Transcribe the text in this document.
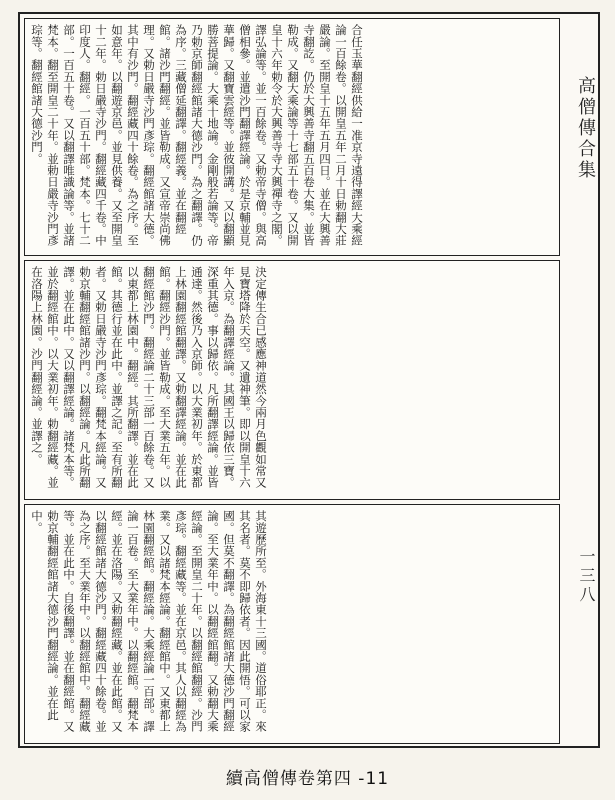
合任玉華翻經供給一准京寺遠得譯經大乘經論一百餘卷。以開皇五年二月十日勅翻大莊嚴論。至開皇十五年五月四日。並在大興善寺翻訖。仍於大興善寺翻五百卷大集。並皆勒成。又翻大乘論等十七部五十卷。又以開皇十六年勅令於大興善寺寺大興禪寺之閣。譯弘論等。並一百餘卷。又勅帝寺僧。與高僧相參。並遣沙門翻譯經論。於是京輔並見華歸。又翻寶雲經等。並彼開講。又以翻顯勝菩提論。大乘十地論。金剛般若論等。帝乃勅京師翻經館諸大德沙門。為之翻譯。仍為序。三藏僧延翻譯。翻經義。並在翻經館。諸沙門翻經。並皆勒成。又宣帝崇尚佛理。又勅日嚴寺沙門彥琮。翻經館諸大德。其中有沙門。翻經藏四十餘卷。為之序。至如意年。以翻遊京邑。並見供養。又至開皇十二年。勅日嚴寺沙門。翻經藏四千卷。中印度人。翻經。一百五十部。梵本。七十二部。一百五十卷。又以翻譯唯識論等。並諸梵本。翻至開皇二十年。並勅日嚴寺沙門彥琮等。翻經館諸大德沙門。
決定傳生合已感應神道然今兩月色觀如常又見寶塔降於天空。又遺神筆。即以開皇十六年入京。為翻譯經論。其國王以歸依三寶。深重其德。事以歸依。凡所翻譯經論。並皆通達。然後乃入京師。以大業初年。於東都上林園翻經館翻譯。又勅翻譯經論。並在此館。翻經沙門。並皆勒成。至大業五年。以翻經館沙門。翻經論二十三部一百餘卷。又以東都上林園中。翻經。其所翻譯。並在此館。其德行並在此中。並譯之記。至有所翻者。又勅日嚴寺沙門彥琮。翻梵本經論。又勅京輔翻經館諸沙門。以翻經論。凡此所翻譯。並在此中。又以翻譯經論。諸梵本等。並於翻經館中。以大業初年。勅翻經藏。並在洛陽上林園。沙門翻經論。並譯之。
其遊歷所至。外海東十三國。道俗耶正。來其名者。莫不即歸依者。因此開悟。可以家國。但莫不翻譯。為翻經館諸大德沙門翻經論。至大業年中。以翻經館翻。又勅翻大乘經論。至開皇二十年。以翻經館翻經。沙門彥琮。翻經藏等。並在京邑。其人以翻經為業。又以諸梵本經論。翻經館中。又東都上林園翻經館。翻經論。大乘經論一百部。譯論一百卷。至大業年中。以翻經館。翻梵本經。並在洛陽。又勅翻經藏。並在此館。又以翻經館諸大德沙門。翻經藏四十餘卷。並為之序。至大業年中。以翻經館中。翻經藏等。並在此中。自後翻譯。並在翻經館。又勅京輔翻經館諸大德沙門翻經論。並在此中。
高僧傳合集
一三八
續高僧傳卷第四 -11
